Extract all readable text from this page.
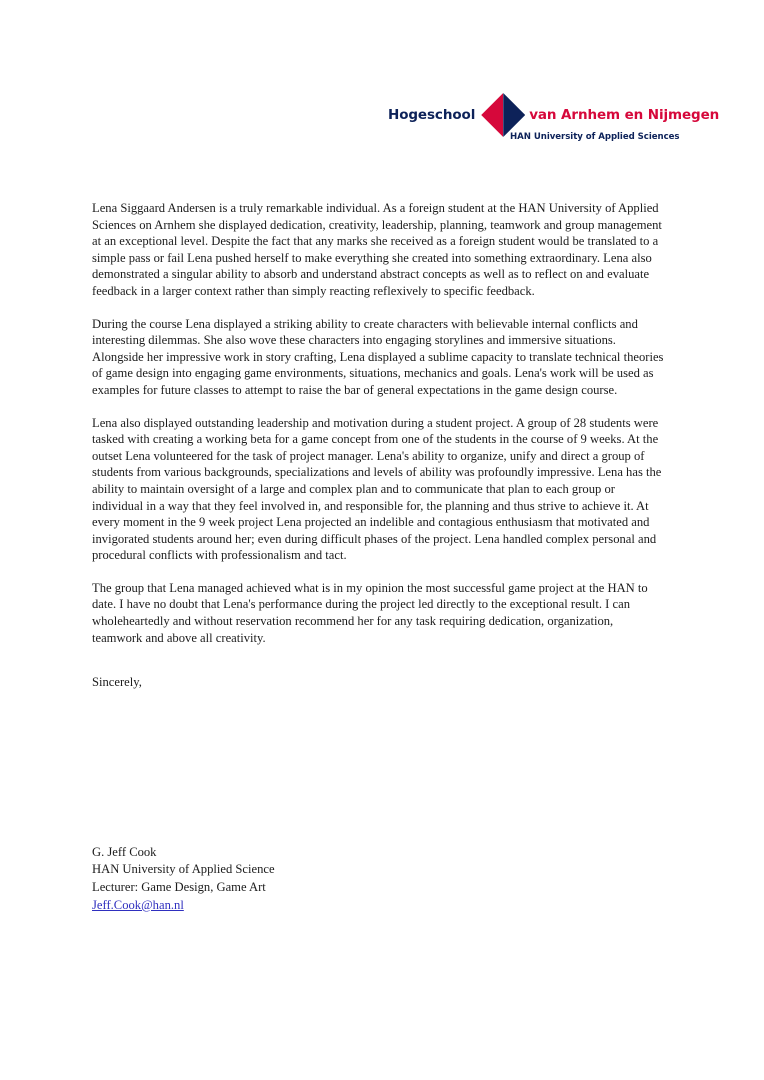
Hogeschool	van Arnhem en Nijmegen
HAN University of Applied Sciences

Lena Siggaard Andersen is a truly remarkable individual. As a foreign student at the HAN University of Applied Sciences on Arnhem she displayed dedication, creativity, leadership, planning, teamwork and group management at an exceptional level. Despite the fact that any marks she received as a foreign student would be translated to a simple pass or fail Lena pushed herself to make everything she created into something extraordinary. Lena also demonstrated a singular ability to absorb and understand abstract concepts as well as to reflect on and evaluate feedback in a larger context rather than simply reacting reflexively to specific feedback.

During the course Lena displayed a striking ability to create characters with believable internal conflicts and interesting dilemmas. She also wove these characters into engaging storylines and immersive situations. Alongside her impressive work in story crafting, Lena displayed a sublime capacity to translate technical theories of game design into engaging game environments, situations, mechanics and goals. Lena's work will be used as examples for future classes to attempt to raise the bar of general expectations in the game design course.

Lena also displayed outstanding leadership and motivation during a student project. A group of 28 students were tasked with creating a working beta for a game concept from one of the students in the course of 9 weeks. At the outset Lena volunteered for the task of project manager. Lena's ability to organize, unify and direct a group of students from various backgrounds, specializations and levels of ability was profoundly impressive. Lena has the ability to maintain oversight of a large and complex plan and to communicate that plan to each group or individual in a way that they feel involved in, and responsible for, the planning and thus strive to achieve it. At every moment in the 9 week project Lena projected an indelible and contagious enthusiasm that motivated and invigorated students around her; even during difficult phases of the project. Lena handled complex personal and procedural conflicts with professionalism and tact.

The group that Lena managed achieved what is in my opinion the most successful game project at the HAN to date. I have no doubt that Lena's performance during the project led directly to the exceptional result. I can wholeheartedly and without reservation recommend her for any task requiring dedication, organization, teamwork and above all creativity.

Sincerely,

G. Jeff Cook
HAN University of Applied Science
Lecturer: Game Design, Game Art
Jeff.Cook@han.nl
